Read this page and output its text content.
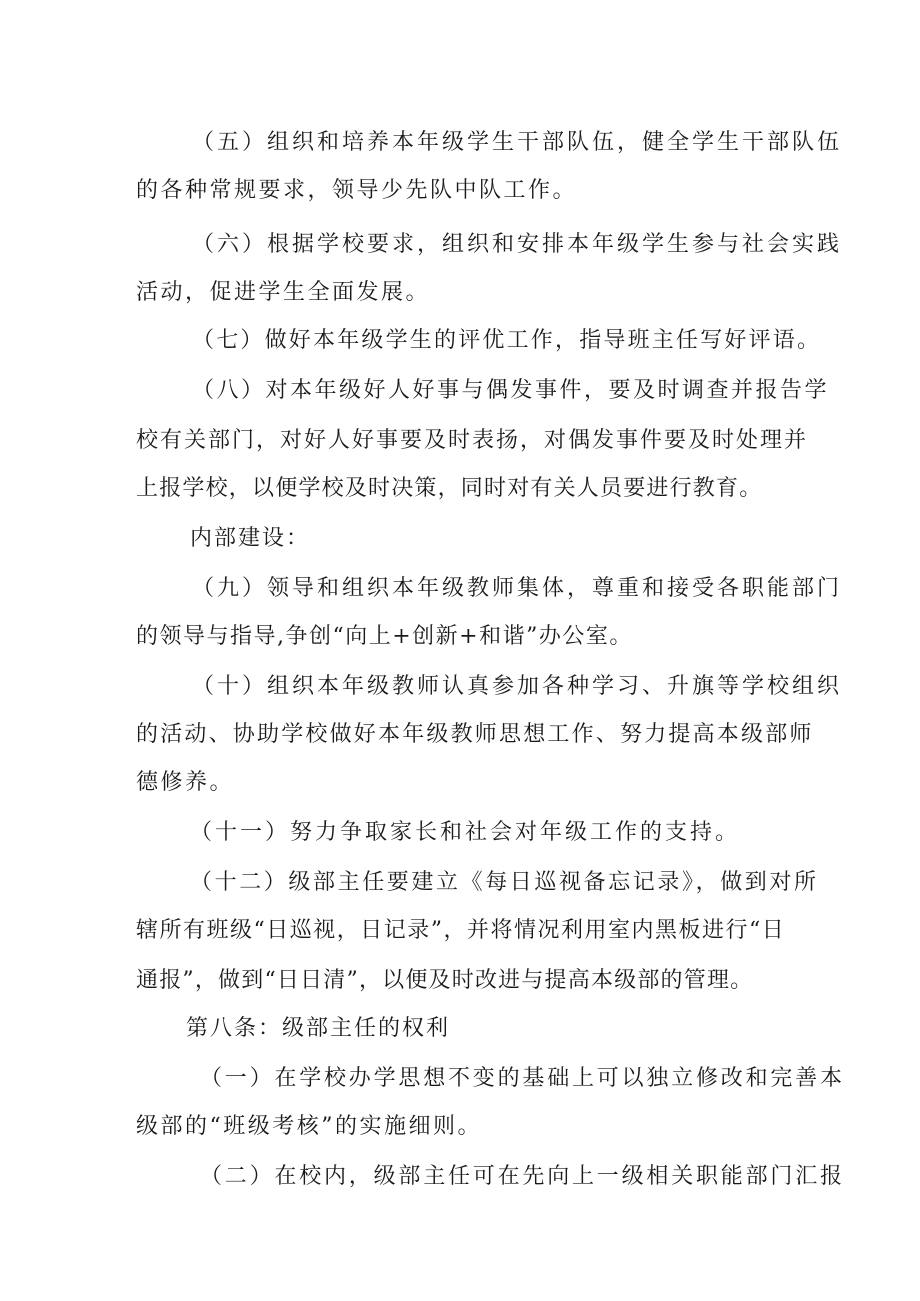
（五）组织和培养本年级学生干部队伍，健全学生干部队伍
的各种常规要求，领导少先队中队工作。
（六）根据学校要求，组织和安排本年级学生参与社会实践
活动，促进学生全面发展。
（七）做好本年级学生的评优工作，指导班主任写好评语。
（八）对本年级好人好事与偶发事件，要及时调查并报告学
校有关部门，对好人好事要及时表扬，对偶发事件要及时处理并
上报学校，以便学校及时决策，同时对有关人员要进行教育。
内部建设：
（九）领导和组织本年级教师集体，尊重和接受各职能部门
的领导与指导,争创“向上+创新+和谐”办公室。
（十）组织本年级教师认真参加各种学习、升旗等学校组织
的活动、协助学校做好本年级教师思想工作、努力提高本级部师
德修养。
（十一）努力争取家长和社会对年级工作的支持。
（十二）级部主任要建立《每日巡视备忘记录》，做到对所
辖所有班级“日巡视，日记录”，并将情况利用室内黑板进行“日
通报”，做到“日日清”，以便及时改进与提高本级部的管理。
第八条：级部主任的权利
（一）在学校办学思想不变的基础上可以独立修改和完善本
级部的“班级考核”的实施细则。
（二）在校内，级部主任可在先向上一级相关职能部门汇报
